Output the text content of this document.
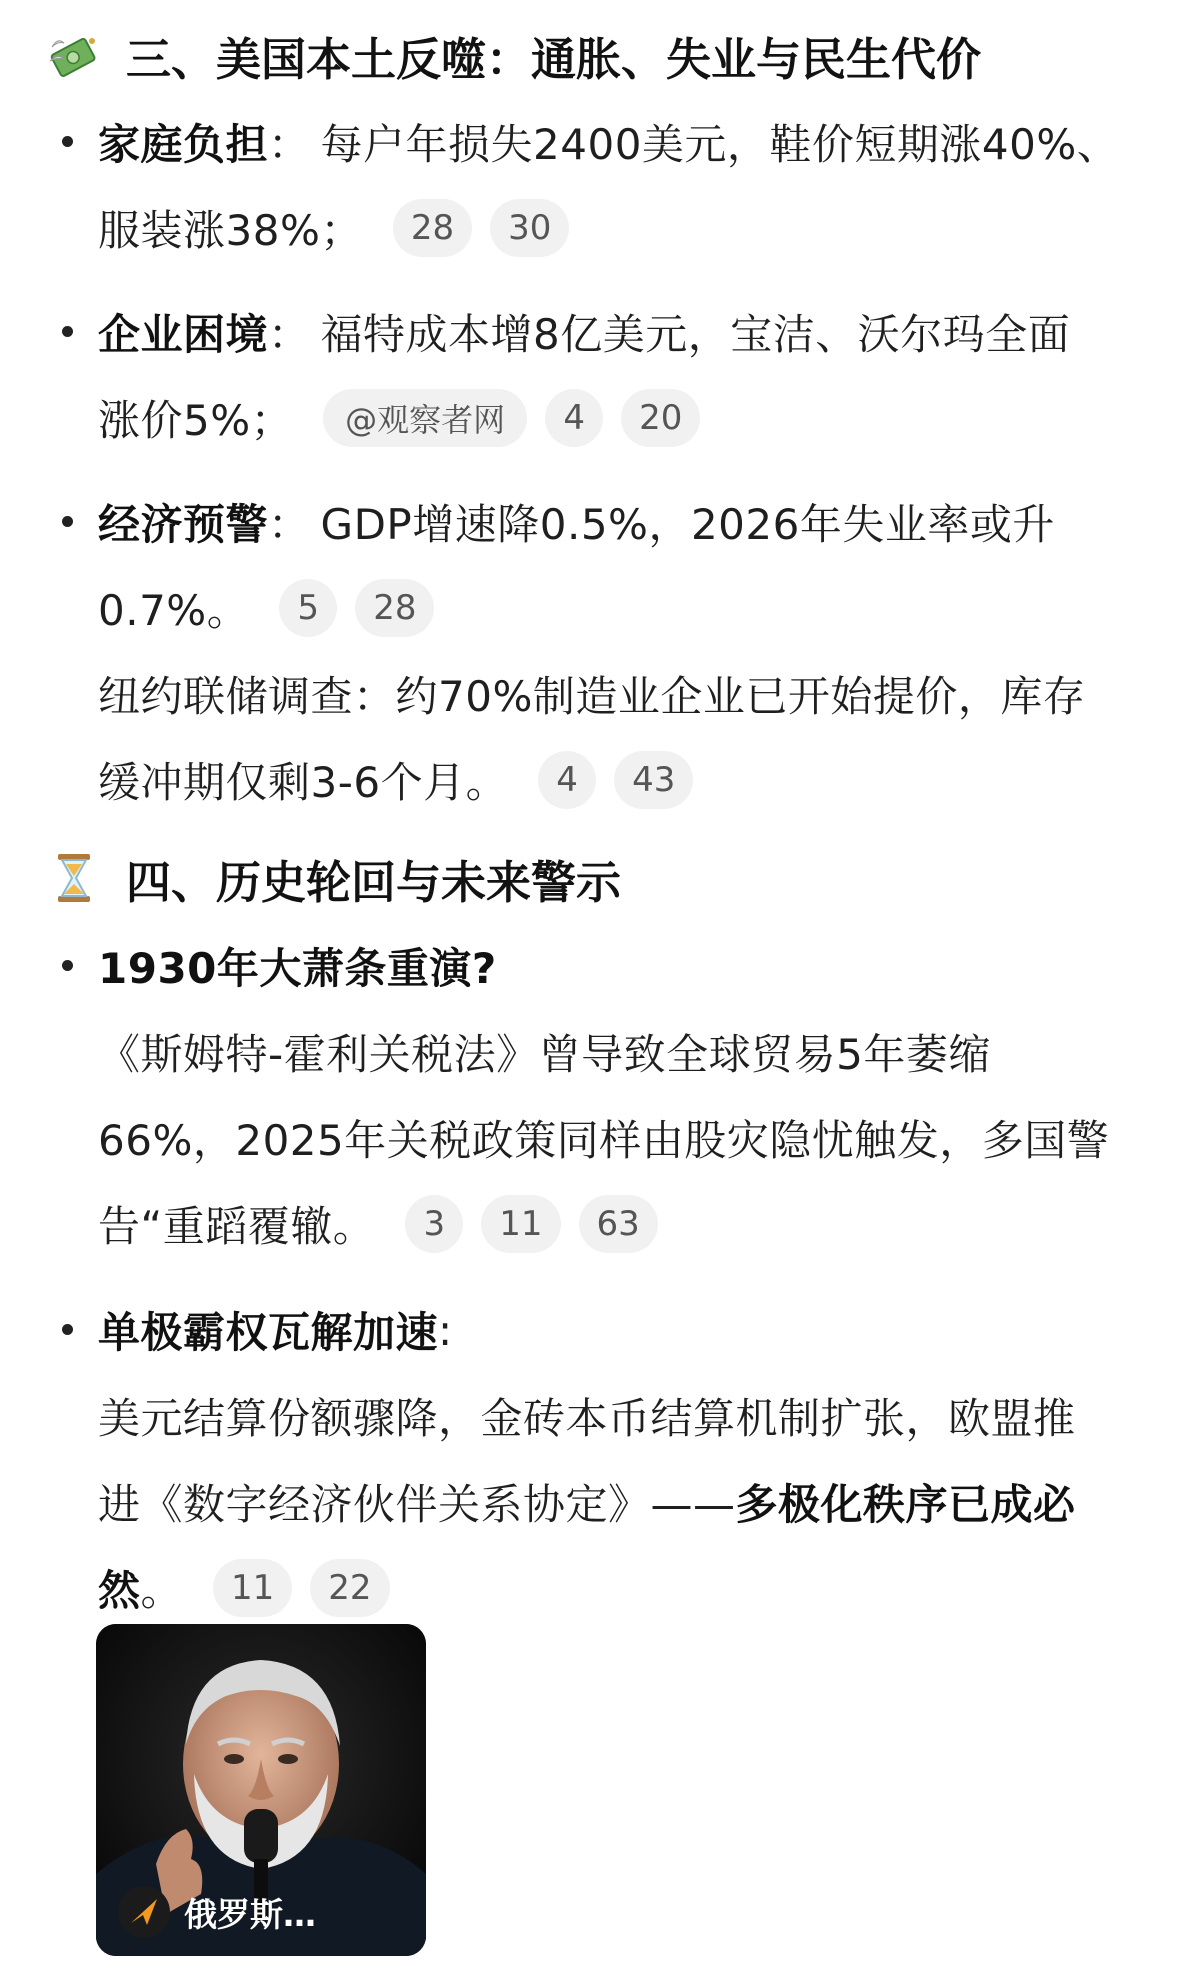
三、美国本土反噬：通胀、失业与民生代价
家庭负担 ： 每户年损失2400美元，鞋价短期涨40%、
服装涨38%；	28	30
企业困境 ： 福特成本增8亿美元，宝洁、沃尔玛全面
涨价5%；	@观察者网	4	20
经济预警 ： GDP增速降0.5%，2026年失业率或升
0.7%。	5	28
纽约联储调查：约70%制造业企业已开始提价，库存
缓冲期仅剩3-6个月。	4	43
四、历史轮回与未来警示
1930年大萧条重演?
《斯姆特-霍利关税法》曾导致全球贸易5年萎缩
66%，2025年关税政策同样由股灾隐忧触发，多国警
告“重蹈覆辙。	3	11	63
单极霸权瓦解加速 :
美元结算份额骤降，金砖本币结算机制扩张，欧盟推
进《数字经济伙伴关系协定》—— 多极化秩序已成必
然 。	11	22
俄罗斯…
